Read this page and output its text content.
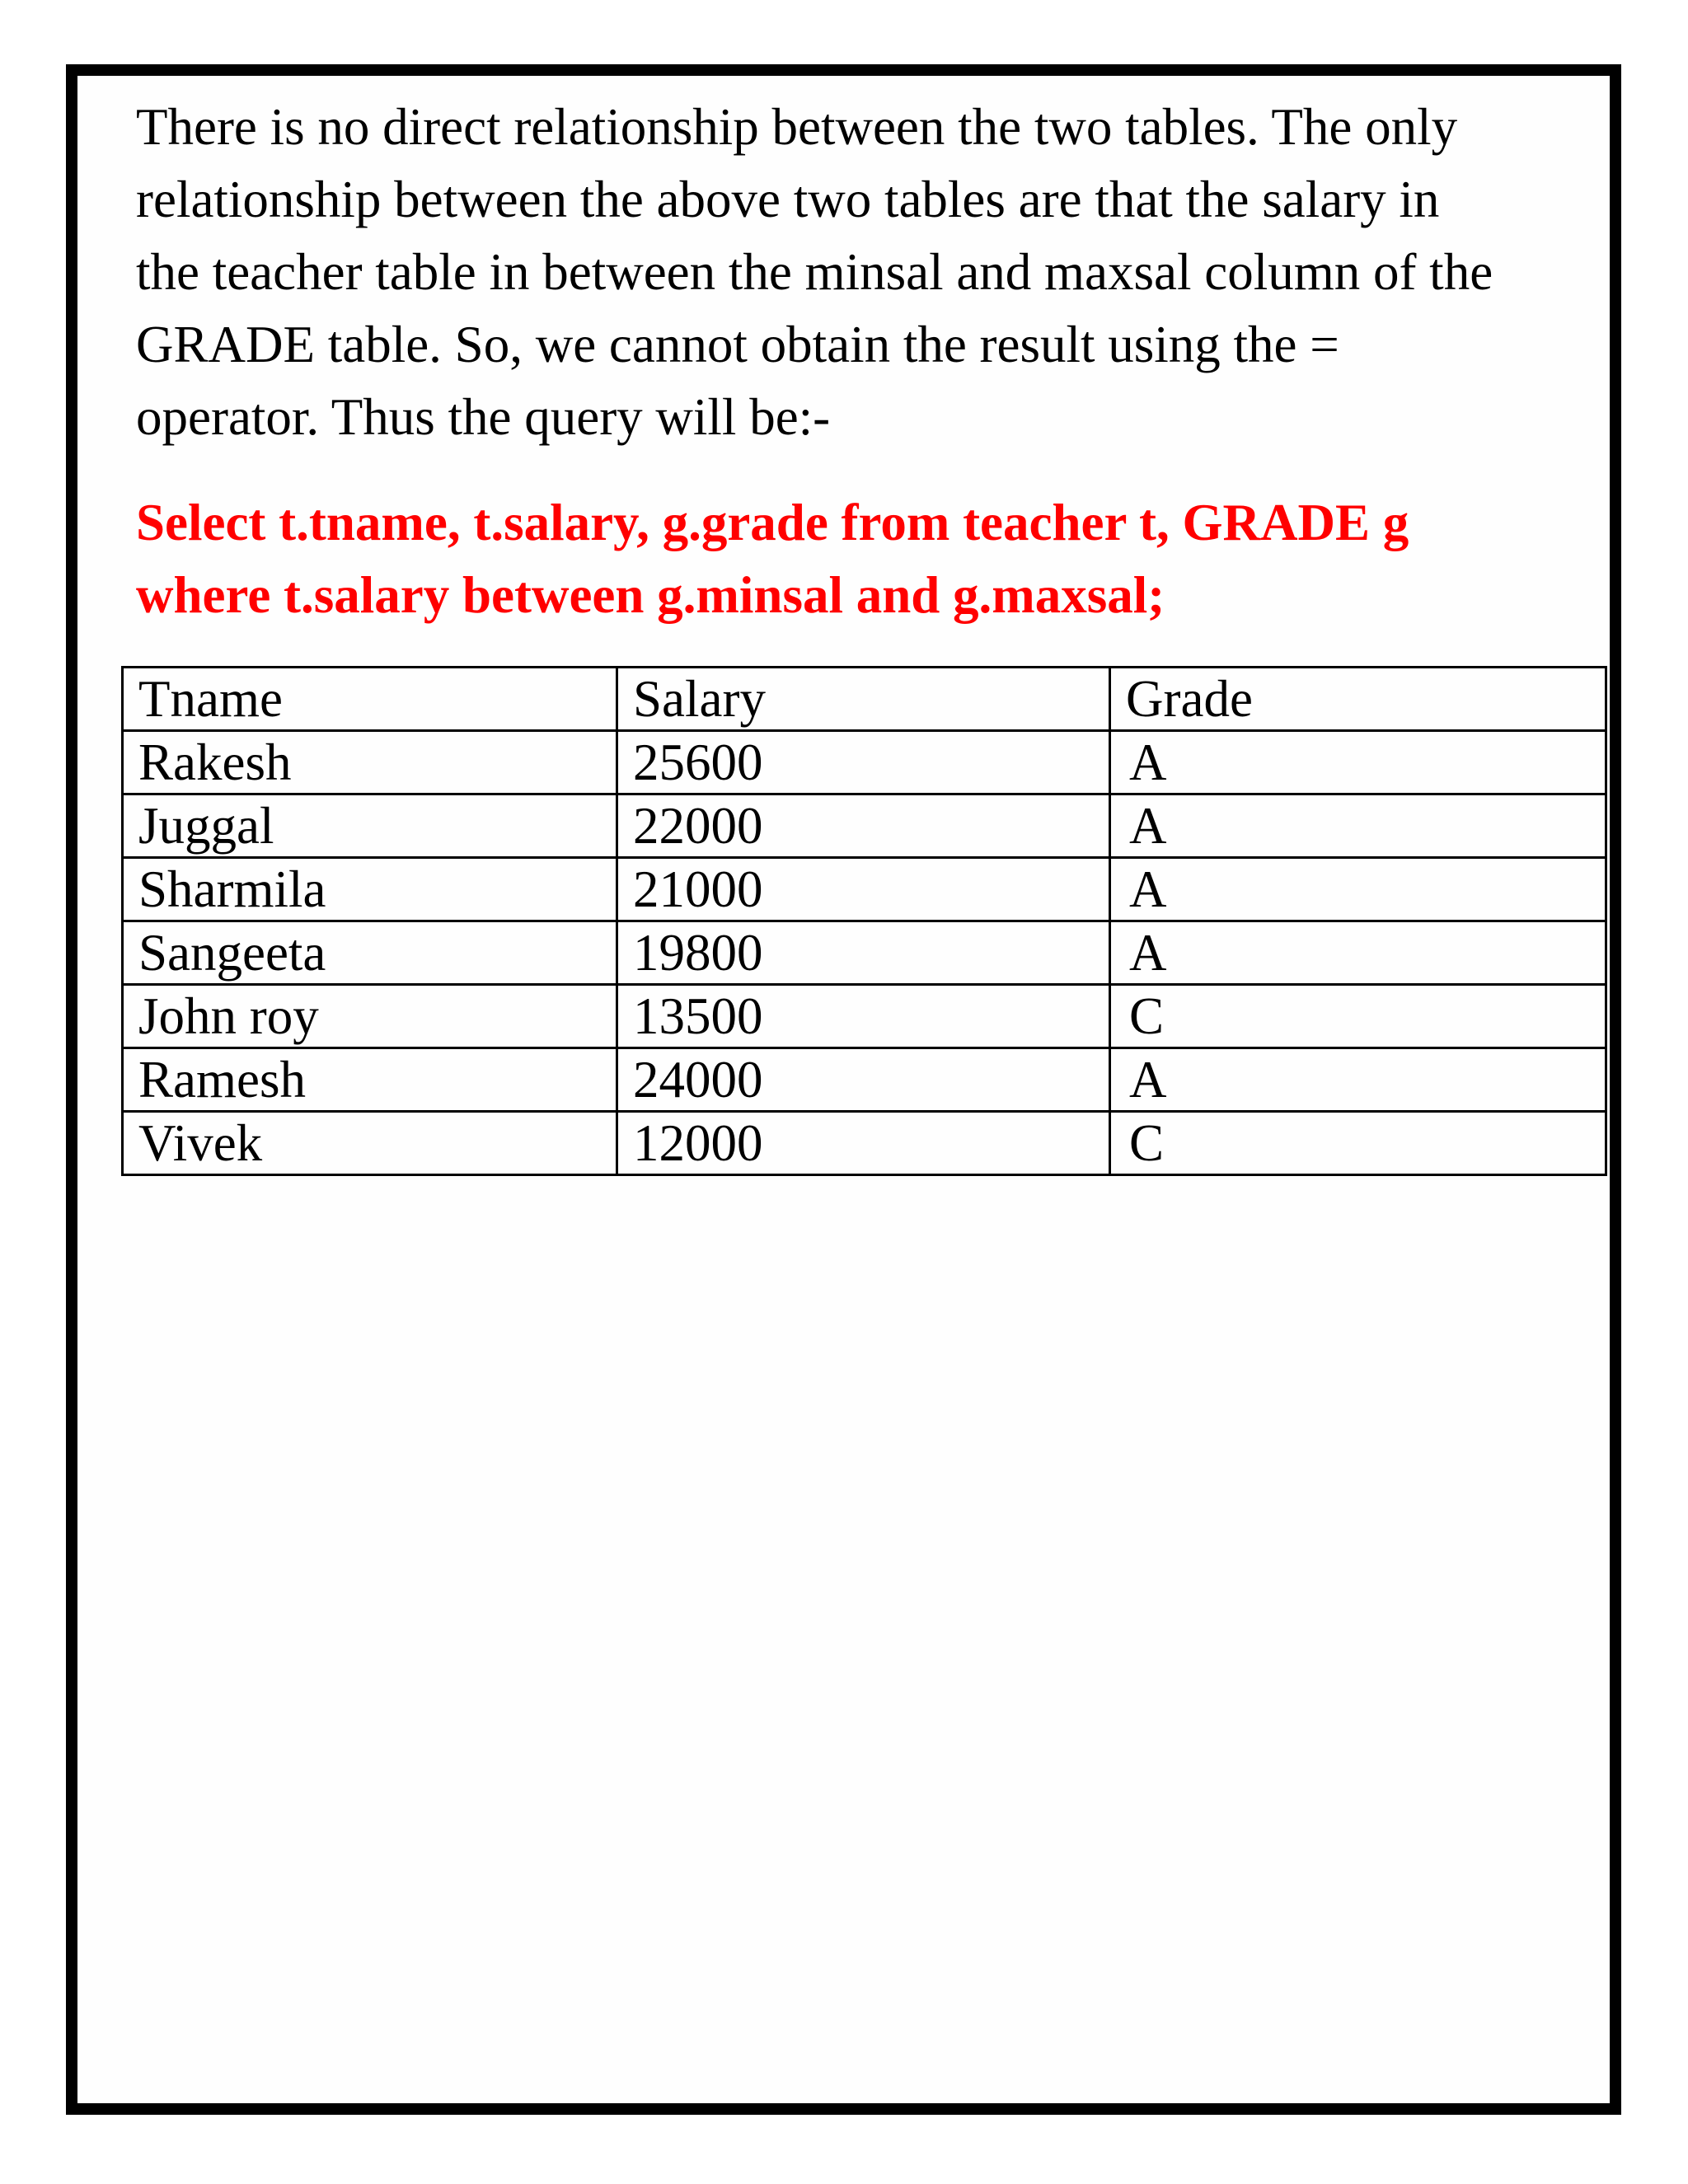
There is no direct relationship between the two tables. The only
relationship between the above two tables are that the salary in
the teacher table in between the minsal and maxsal column of the
GRADE table. So, we cannot obtain the result using the =
operator. Thus the query will be:-

Select t.tname, t.salary, g.grade from teacher t, GRADE g
where t.salary between g.minsal and g.maxsal;

Tname	Salary	Grade
Rakesh	25600	A
Juggal	22000	A
Sharmila	21000	A
Sangeeta	19800	A
John roy	13500	C
Ramesh	24000	A
Vivek	12000	C
